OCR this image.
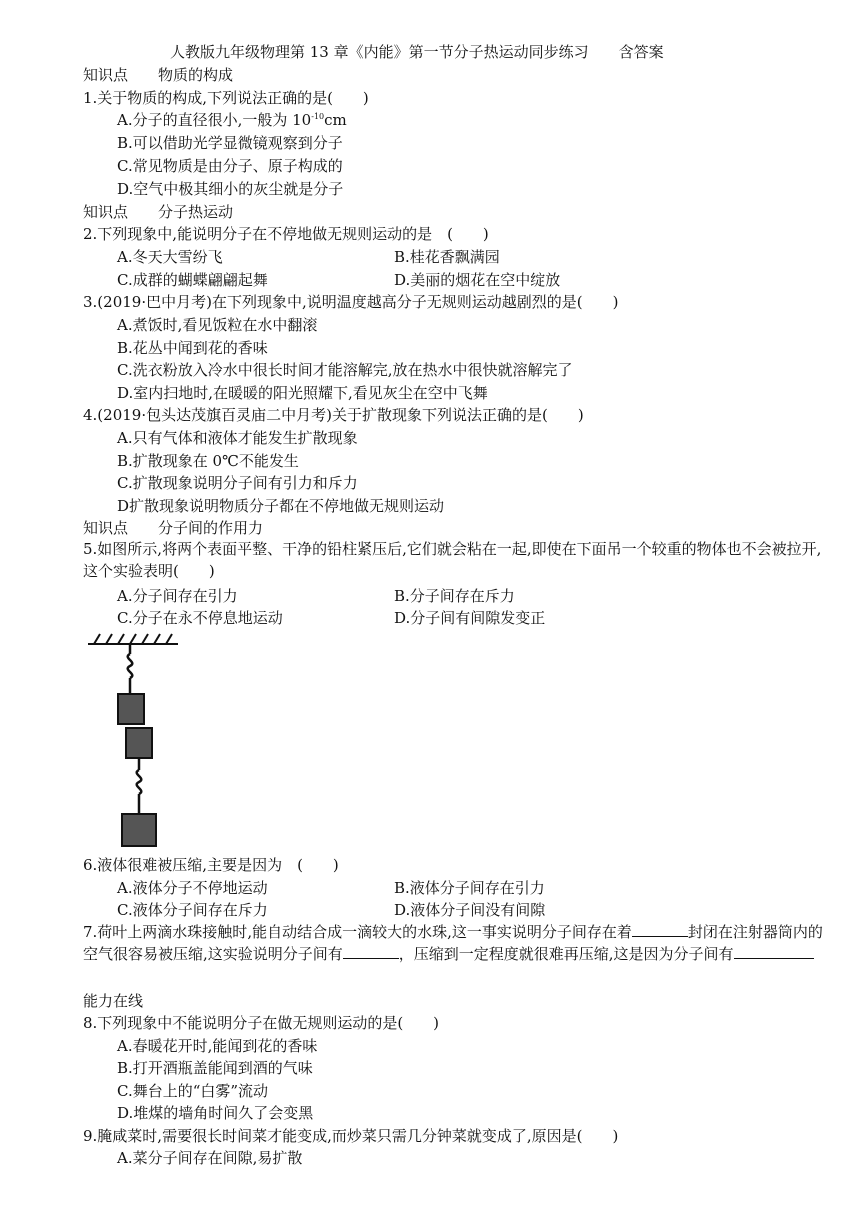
人教版九年级物理第 13 章《内能》第一节分子热运动同步练习　　含答案
知识点　　物质的构成
1.关于物质的构成,下列说法正确的是(　　)
A.分子的直径很小,一般为 $10^{-10}cm$
B.可以借助光学显微镜观察到分子
C.常见物质是由分子、原子构成的
D.空气中极其细小的灰尘就是分子
知识点　　分子热运动
2.下列现象中,能说明分子在不停地做无规则运动的是　(　　)
A.冬天大雪纷飞	B.桂花香飘满园
C.成群的蝴蝶翩翩起舞	D.美丽的烟花在空中绽放
3.(2019·巴中月考)在下列现象中,说明温度越高分子无规则运动越剧烈的是(　　)
A.煮饭时,看见饭粒在水中翻滚
B.花丛中闻到花的香味
C.洗衣粉放入冷水中很长时间才能溶解完,放在热水中很快就溶解完了
D.室内扫地时,在暖暖的阳光照耀下,看见灰尘在空中飞舞
4.(2019·包头达茂旗百灵庙二中月考)关于扩散现象下列说法正确的是(　　)
A.只有气体和液体才能发生扩散现象
B.扩散现象在 0℃不能发生
C.扩散现象说明分子间有引力和斥力
D扩散现象说明物质分子都在不停地做无规则运动
知识点　　分子间的作用力
5.如图所示,将两个表面平整、干净的铅柱紧压后,它们就会粘在一起,即使在下面吊一个较重的物体也不会被拉开,这个实验表明(　　)
A.分子间存在引力	B.分子间存在斥力
C.分子在永不停息地运动	D.分子间有间隙发变正
6.液体很难被压缩,主要是因为　(　　)
A.液体分子不停地运动	B.液体分子间存在引力
C.液体分子间存在斥力	D.液体分子间没有间隙
7.荷叶上两滴水珠接触时,能自动结合成一滴较大的水珠,这一事实说明分子间存在着	封闭在注射器筒内的空气很容易被压缩,这实验说明分子间有	，压缩到一定程度就很难再压缩,这是因为分子间有
能力在线
8.下列现象中不能说明分子在做无规则运动的是(　　)
A.春暖花开时,能闻到花的香味
B.打开酒瓶盖能闻到酒的气味
C.舞台上的“白雾”流动
D.堆煤的墙角时间久了会变黑
9.腌咸菜时,需要很长时间菜才能变成,而炒菜只需几分钟菜就变成了,原因是(　　)
A.菜分子间存在间隙,易扩散
